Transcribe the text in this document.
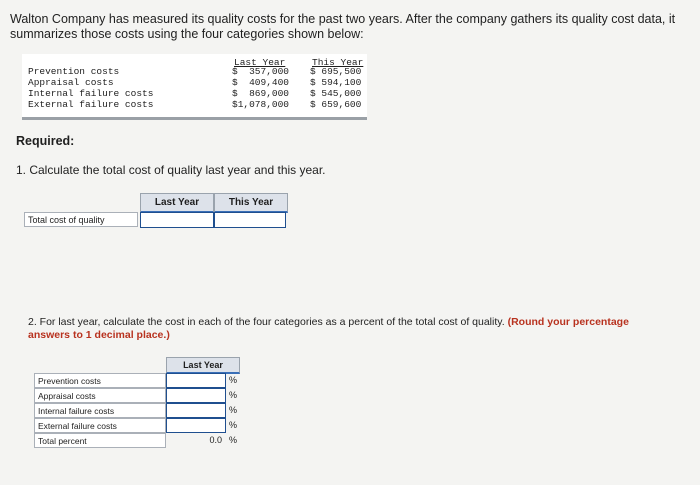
Walton Company has measured its quality costs for the past two years. After the company gathers its quality cost data, it summarizes those costs using the four categories shown below:
Last Year	This Year
Prevention costs	$  357,000 $ 695,500
Appraisal costs	$  409,400 $ 594,100
Internal failure costs	$  869,000 $ 545,000
External failure costs	$1,078,000 $ 659,600
Required:
1. Calculate the total cost of quality last year and this year.
Last Year	This Year
Total cost of quality
2. For last year, calculate the cost in each of the four categories as a percent of the total cost of quality. (Round your percentage answers to 1 decimal place.)
Last Year
Prevention costs	%
Appraisal costs	%
Internal failure costs	%
External failure costs	%
Total percent	0.0 %
